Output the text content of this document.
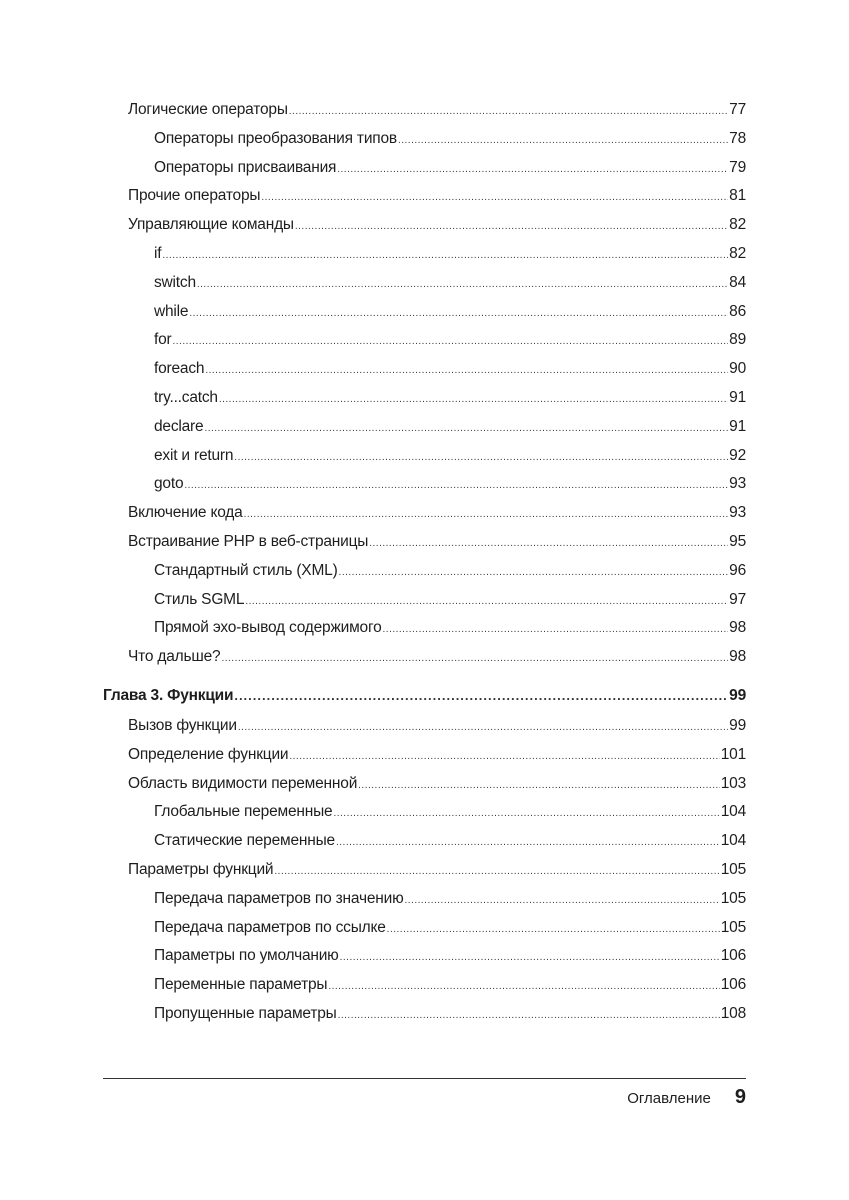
Логические операторы .....	77
Операторы преобразования типов .....	78
Операторы присваивания .....	79
Прочие операторы .....	81
Управляющие команды .....	82
if .....	82
switch .....	84
while .....	86
for .....	89
foreach .....	90
try...catch .....	91
declare .....	91
exit и return .....	92
goto .....	93
Включение кода .....	93
Встраивание PHP в веб-страницы .....	95
Стандартный стиль (XML) .....	96
Стиль SGML .....	97
Прямой эхо-вывод содержимого .....	98
Что дальше? .....	98
Глава 3. Функции .....	99
Вызов функции .....	99
Определение функции .....	101
Область видимости переменной .....	103
Глобальные переменные .....	104
Статические переменные .....	104
Параметры функций .....	105
Передача параметров по значению .....	105
Передача параметров по ссылке .....	105
Параметры по умолчанию .....	106
Переменные параметры .....	106
Пропущенные параметры .....	108
Оглавление 9
